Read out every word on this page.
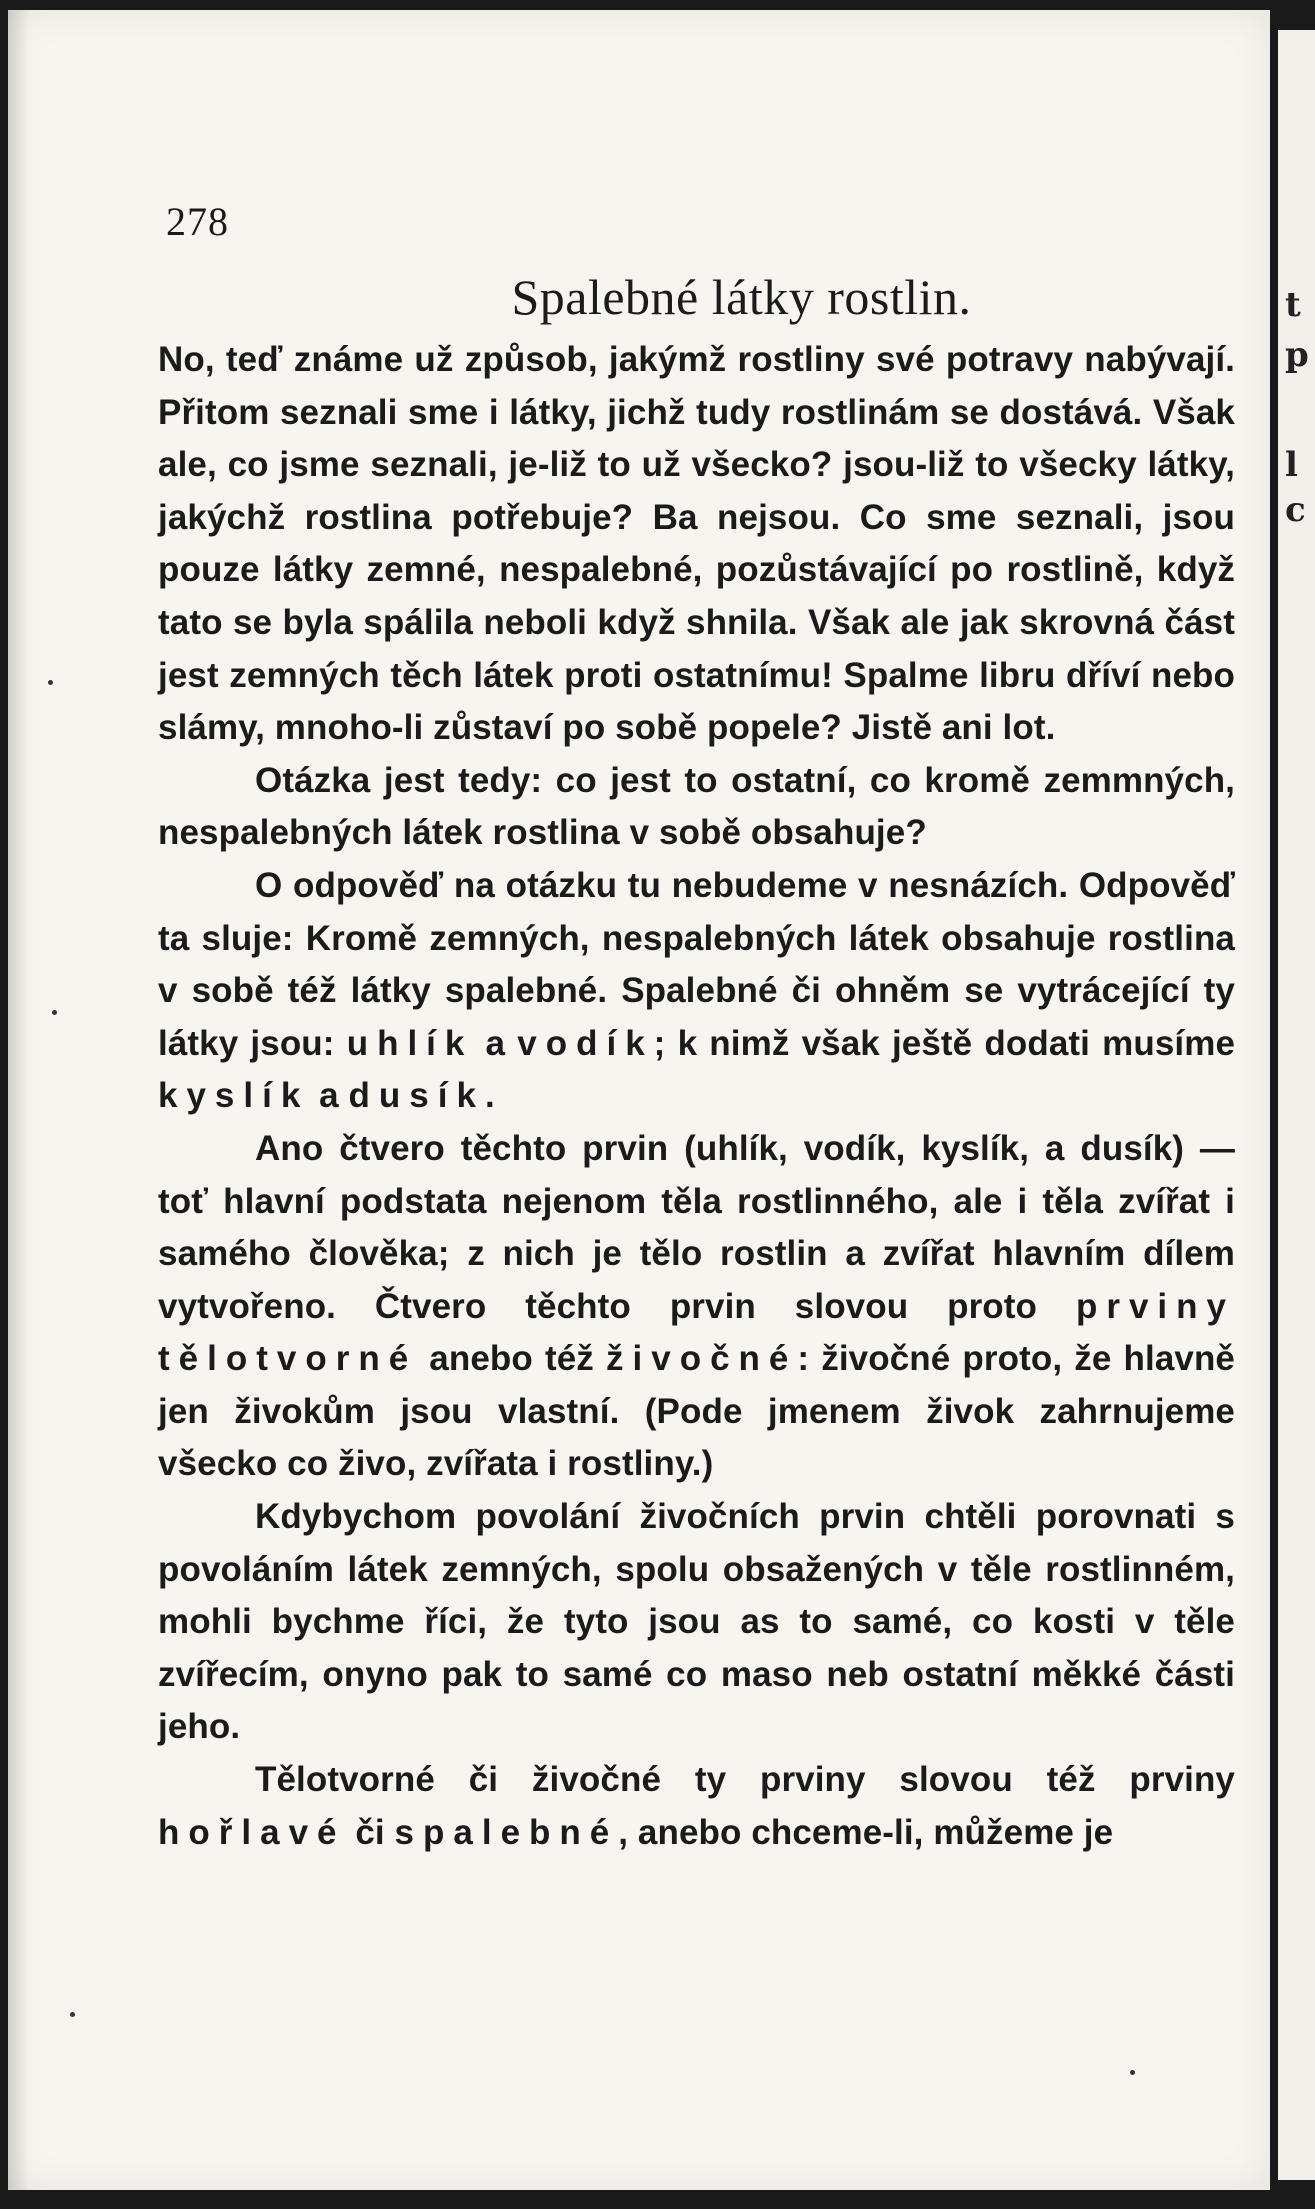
278
Spalebné látky rostlin.

No, teď známe už způsob, jakýmž rostliny své potravy nabývají. Přitom seznali sme i látky, jichž tudy rostlinám se dostává. Však ale, co jsme seznali, je-liž to už všecko? jsou-liž to všecky látky, jakýchž rostlina potřebuje? Ba nejsou. Co sme seznali, jsou pouze látky zemné, nespalebné, pozůstávající po rostlině, když tato se byla spálila neboli když shnila. Však ale jak skrovná část jest zemných těch látek proti ostatnímu! Spalme libru dříví nebo slámy, mnoho-li zůstaví po sobě popele? Jistě ani lot.

Otázka jest tedy: co jest to ostatní, co kromě zemmných, nespalebných látek rostlina v sobě obsahuje?

O odpověď na otázku tu nebudeme v nesnázích. Odpověď ta sluje: Kromě zemných, nespalebných látek obsahuje rostlina v sobě též látky spalebné. Spalebné či ohněm se vytrácející ty látky jsou: uhlík a vodík; k nimž však ještě dodati musíme kyslík a dusík.

Ano čtvero těchto prvin (uhlík, vodík, kyslík, a dusík) — toť hlavní podstata nejenom těla rostlinného, ale i těla zvířat i samého člověka; z nich je tělo rostlin a zvířat hlavním dílem vytvořeno. Čtvero těchto prvin slovou proto prviny tělotvorné anebo též živočné: živočné proto, že hlavně jen živokům jsou vlastní. (Pode jmenem živok zahrnujeme všecko co živo, zvířata i rostliny.)

Kdybychom povolání živočních prvin chtěli porovnati s povoláním látek zemných, spolu obsažených v těle rostlinném, mohli bychme říci, že tyto jsou as to samé, co kosti v těle zvířecím, onyno pak to samé co maso neb ostatní měkké části jeho.

Tělotvorné či živočné ty prviny slovou též prviny hořlavé či spalebné, anebo chceme-li, můžeme je

t
p
l
c
